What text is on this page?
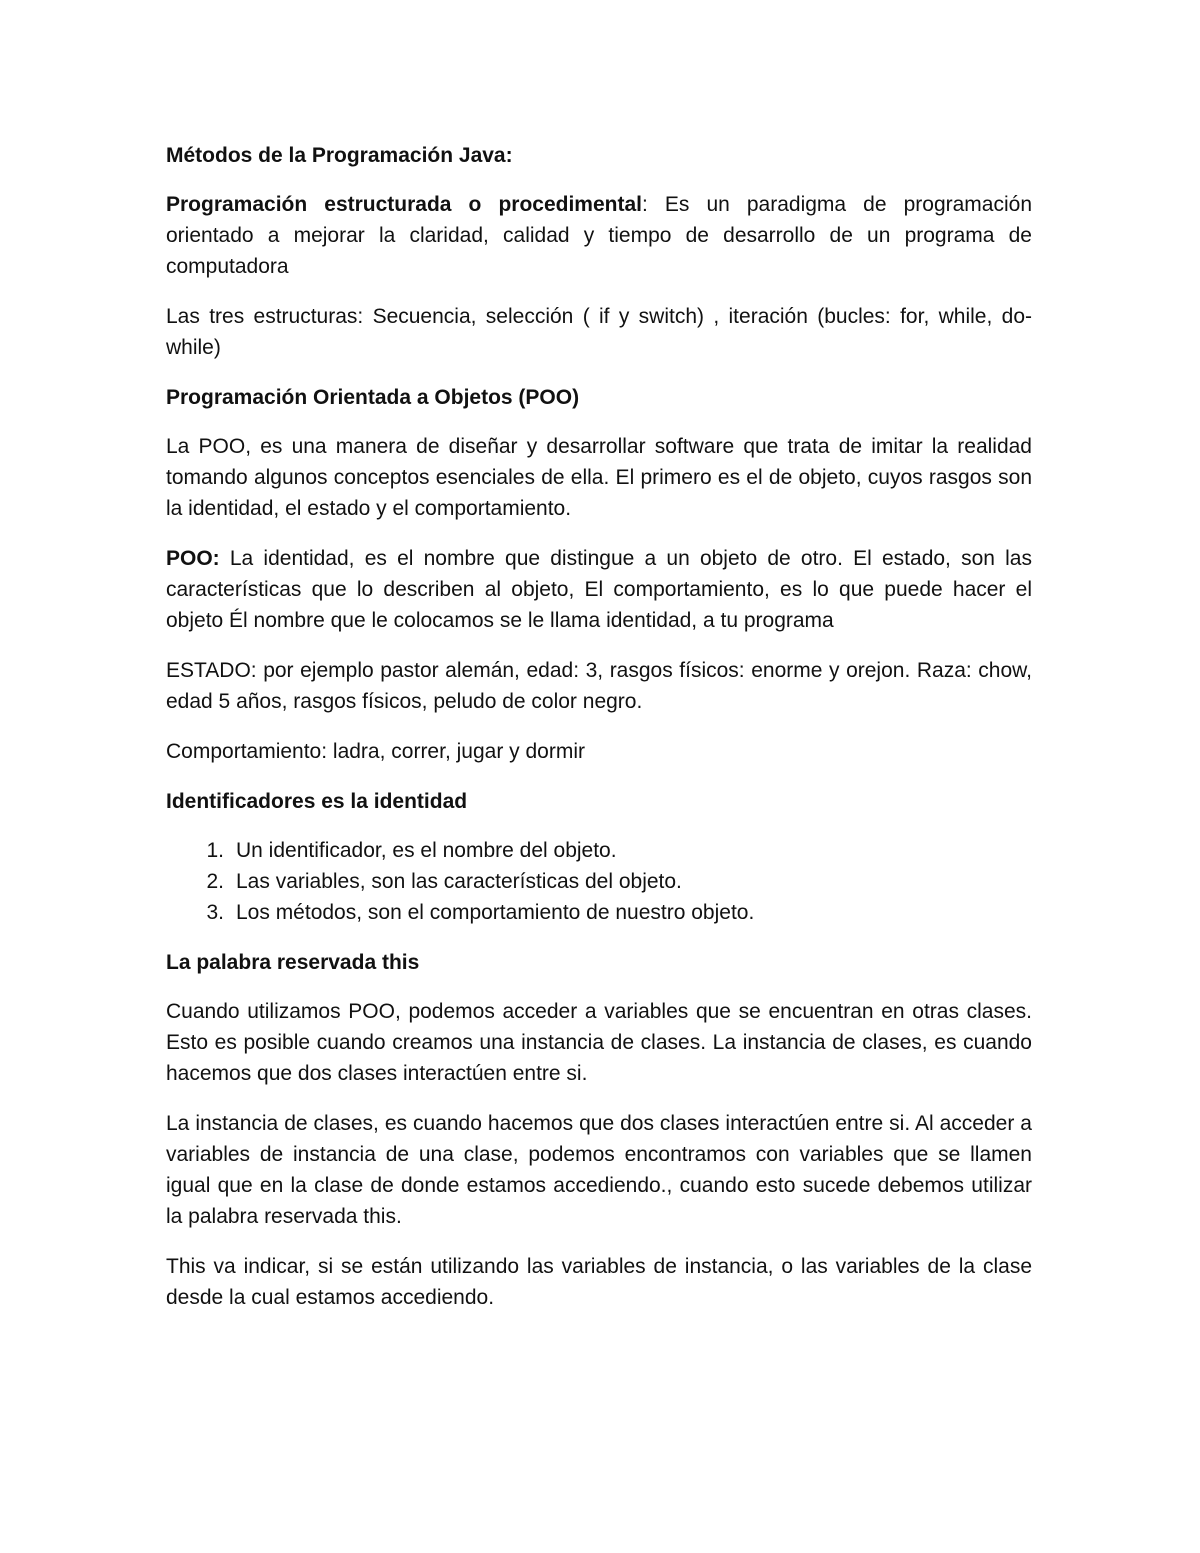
Métodos de la Programación Java:

Programación estructurada o procedimental: Es un paradigma de programación orientado a mejorar la claridad, calidad y tiempo de desarrollo de un programa de computadora

Las tres estructuras: Secuencia, selección ( if y switch) , iteración (bucles: for, while, do-while)

Programación Orientada a Objetos (POO)

La POO, es una manera de diseñar y desarrollar software que trata de imitar la realidad tomando algunos conceptos esenciales de ella. El primero es el de objeto, cuyos rasgos son la identidad, el estado y el comportamiento.

POO: La identidad, es el nombre que distingue a un objeto de otro. El estado, son las características que lo describen al objeto, El comportamiento, es lo que puede hacer el objeto Él nombre que le colocamos se le llama identidad, a tu programa

ESTADO: por ejemplo pastor alemán, edad: 3, rasgos físicos: enorme y orejon. Raza: chow, edad 5 años, rasgos físicos, peludo de color negro.

Comportamiento: ladra, correr, jugar y dormir

Identificadores es la identidad

1. Un identificador, es el nombre del objeto.
2. Las variables, son las características del objeto.
3. Los métodos, son el comportamiento de nuestro objeto.

La palabra reservada this

Cuando utilizamos POO, podemos acceder a variables que se encuentran en otras clases. Esto es posible cuando creamos una instancia de clases. La instancia de clases, es cuando hacemos que dos clases interactúen entre si.

La instancia de clases, es cuando hacemos que dos clases interactúen entre si. Al acceder a variables de instancia de una clase, podemos encontramos con variables que se llamen igual que en la clase de donde estamos accediendo., cuando esto sucede debemos utilizar la palabra reservada this.

This va indicar, si se están utilizando las variables de instancia, o las variables de la clase desde la cual estamos accediendo.
